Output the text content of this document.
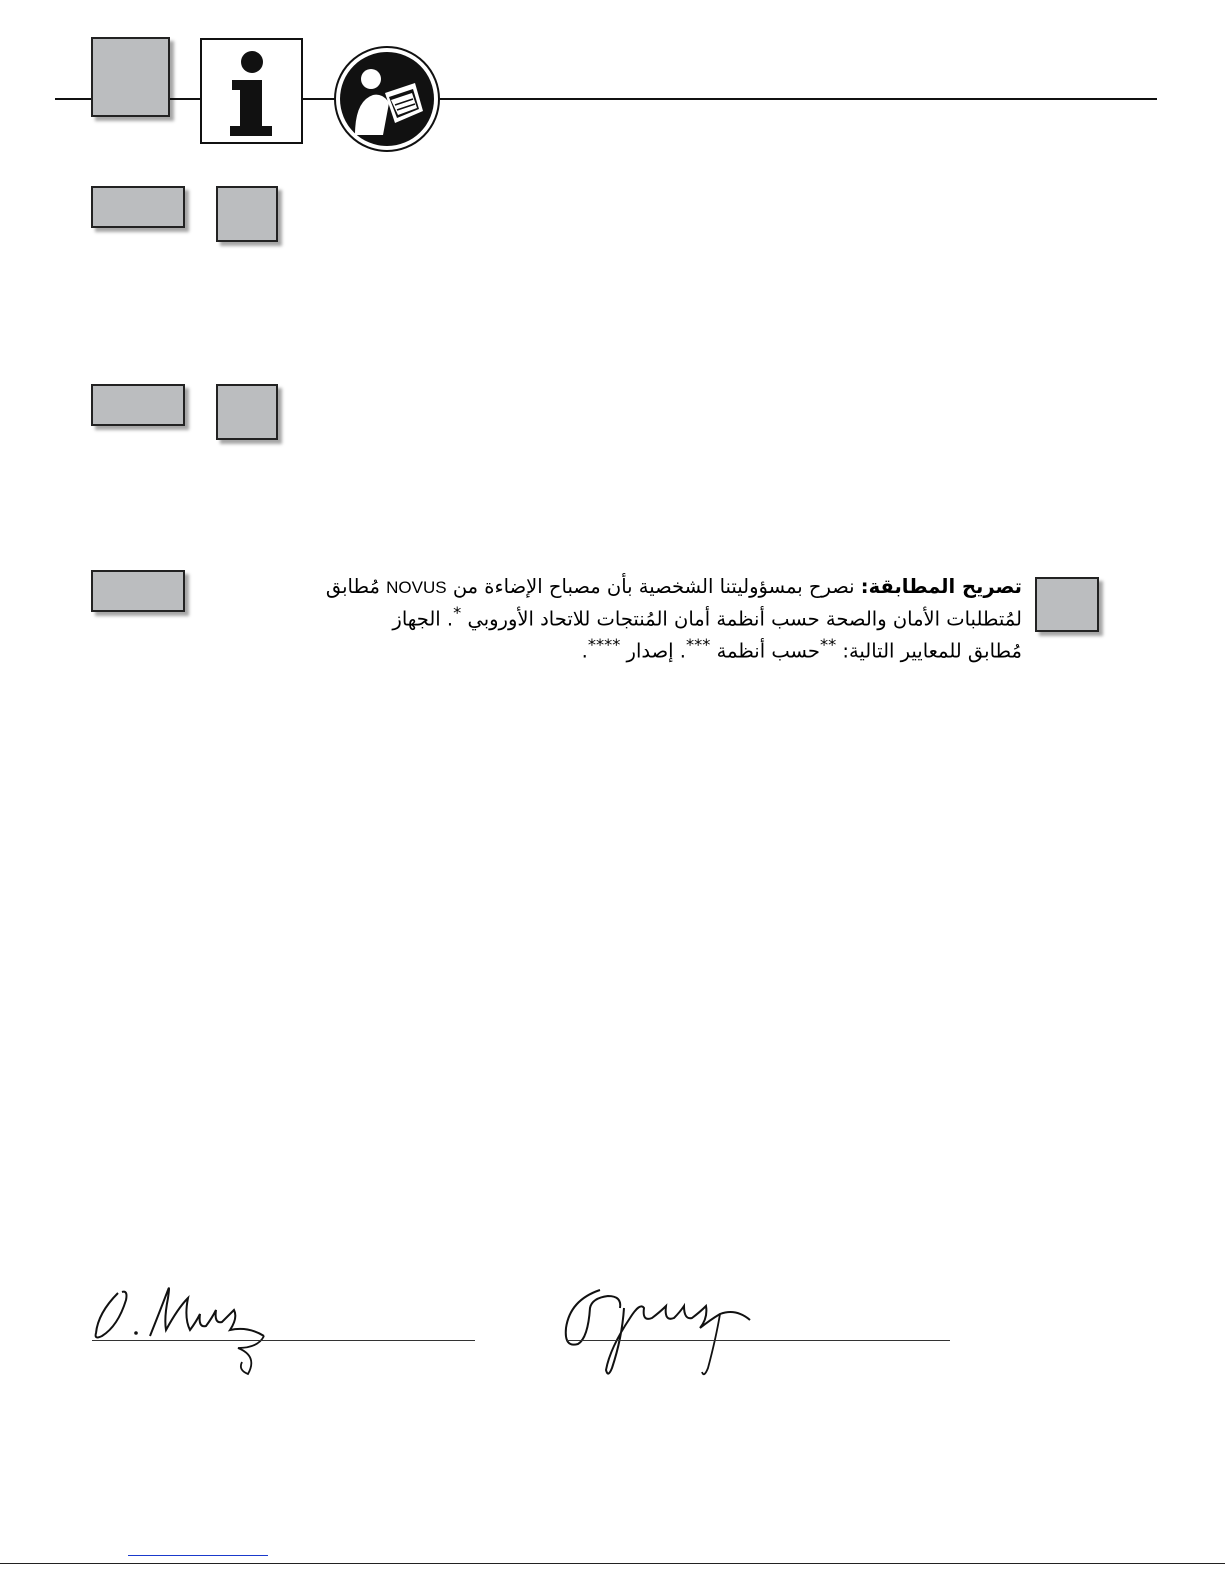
تصريح المطابقة: نصرح بمسؤوليتنا الشخصية بأن مصباح الإضاءة من NOVUS مُطابق
لمُتطلبات الأمان والصحة حسب أنظمة أمان المُنتجات للاتحاد الأوروبي *. الجهاز
مُطابق للمعايير التالية: **حسب أنظمة ***. إصدار ****.
